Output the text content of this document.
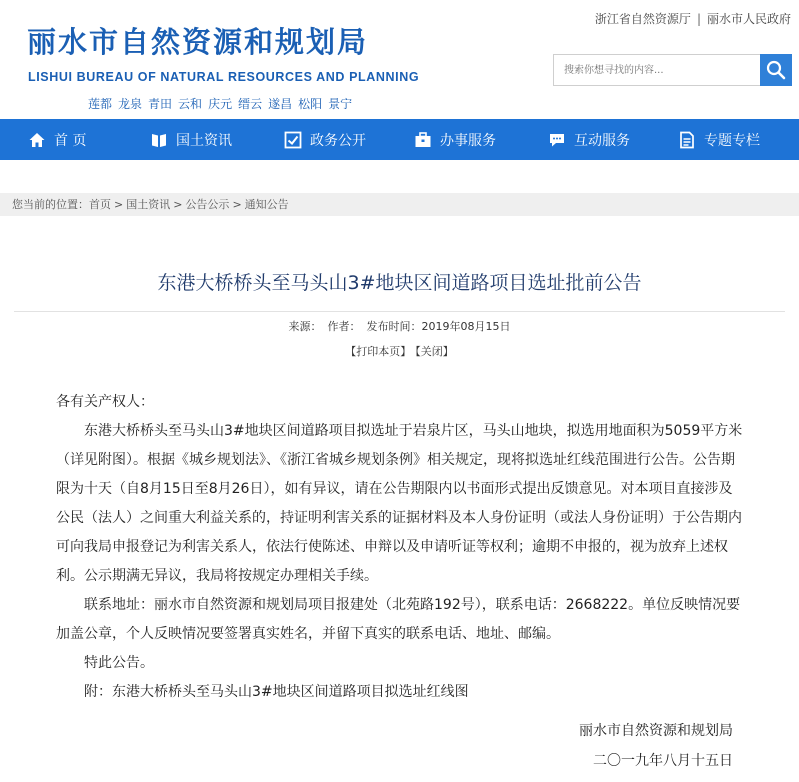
浙江省自然资源厅 | 丽水市人民政府
丽水市自然资源和规划局
LISHUI BUREAU OF NATURAL RESOURCES AND PLANNING
莲都 龙泉 青田 云和 庆元 缙云 遂昌 松阳 景宁
搜索你想寻找的内容...
首 页	国土资讯	政务公开	办事服务	互动服务	专题专栏
您当前的位置：首页 > 国土资讯 > 公告公示 > 通知公告
东港大桥桥头至马头山3#地块区间道路项目选址批前公告
来源： 作者： 发布时间：2019年08月15日
【打印本页】 【关闭】

各有关产权人：

东港大桥桥头至马头山3#地块区间道路项目拟选址于岩泉片区，马头山地块，拟选用地面积为5059平方米（详见附图）。根据《城乡规划法》、《浙江省城乡规划条例》相关规定，现将拟选址红线范围进行公告。公告期限为十天（自8月15日至8月26日），如有异议，请在公告期限内以书面形式提出反馈意见。对本项目直接涉及公民（法人）之间重大利益关系的，持证明利害关系的证据材料及本人身份证明（或法人身份证明）于公告期内可向我局申报登记为利害关系人，依法行使陈述、申辩以及申请听证等权利；逾期不申报的，视为放弃上述权利。公示期满无异议，我局将按规定办理相关手续。

联系地址：丽水市自然资源和规划局项目报建处（北苑路192号），联系电话：2668222。单位反映情况要加盖公章，个人反映情况要签署真实姓名，并留下真实的联系电话、地址、邮编。

特此公告。

附：东港大桥桥头至马头山3#地块区间道路项目拟选址红线图

丽水市自然资源和规划局
二〇一九年八月十五日
